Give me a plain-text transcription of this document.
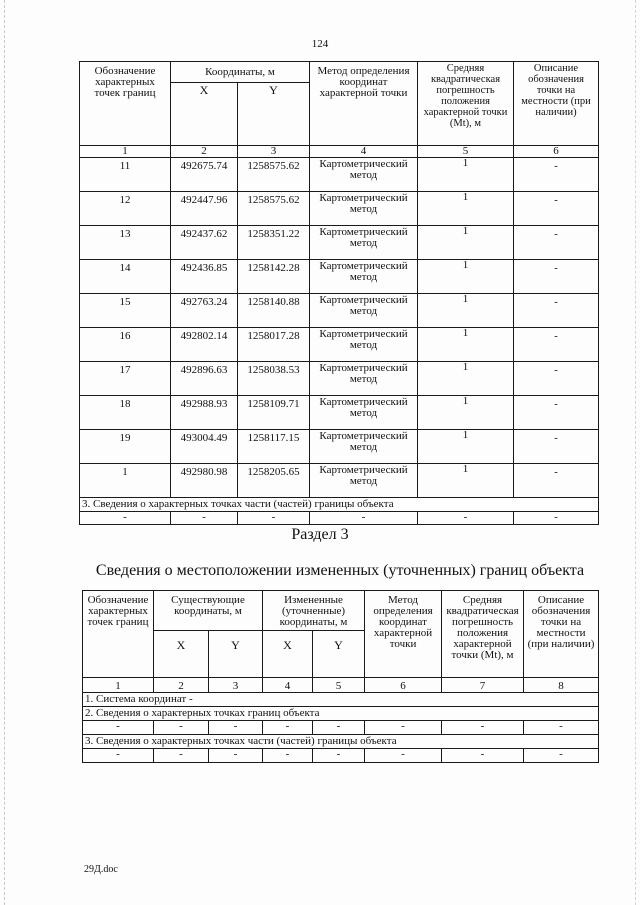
124
Обозначение характерных точек границ	Координаты, м		Метод определения координат характерной точки	Средняя квадратическая погрешность положения характерной точки (Mt), м	Описание обозначения точки на местности (при наличии)
	X	Y			
1	2	3	4	5	6
11	492675.74	1258575.62	Картометрический метод	1	-
12	492447.96	1258575.62	Картометрический метод	1	-
13	492437.62	1258351.22	Картометрический метод	1	-
14	492436.85	1258142.28	Картометрический метод	1	-
15	492763.24	1258140.88	Картометрический метод	1	-
16	492802.14	1258017.28	Картометрический метод	1	-
17	492896.63	1258038.53	Картометрический метод	1	-
18	492988.93	1258109.71	Картометрический метод	1	-
19	493004.49	1258117.15	Картометрический метод	1	-
1	492980.98	1258205.65	Картометрический метод	1	-
3. Сведения о характерных точках части (частей) границы объекта					
-	-	-	-	-	-
Раздел 3
Сведения о местоположении измененных (уточненных) границ объекта
Обозначение характерных точек границ	Существующие координаты, м		Измененные (уточненные) координаты, м		Метод определения координат характерной точки	Средняя квадратическая погрешность положения характерной точки (Mt), м	Описание обозначения точки на местности (при наличии)
	X	Y	X	Y			
1	2	3	4	5	6	7	8
1. Система координат -							
2. Сведения о характерных точках границ объекта							
-	-	-	-	-	-	-	-
3. Сведения о характерных точках части (частей) границы объекта							
-	-	-	-	-	-	-	-
29Д.doc
